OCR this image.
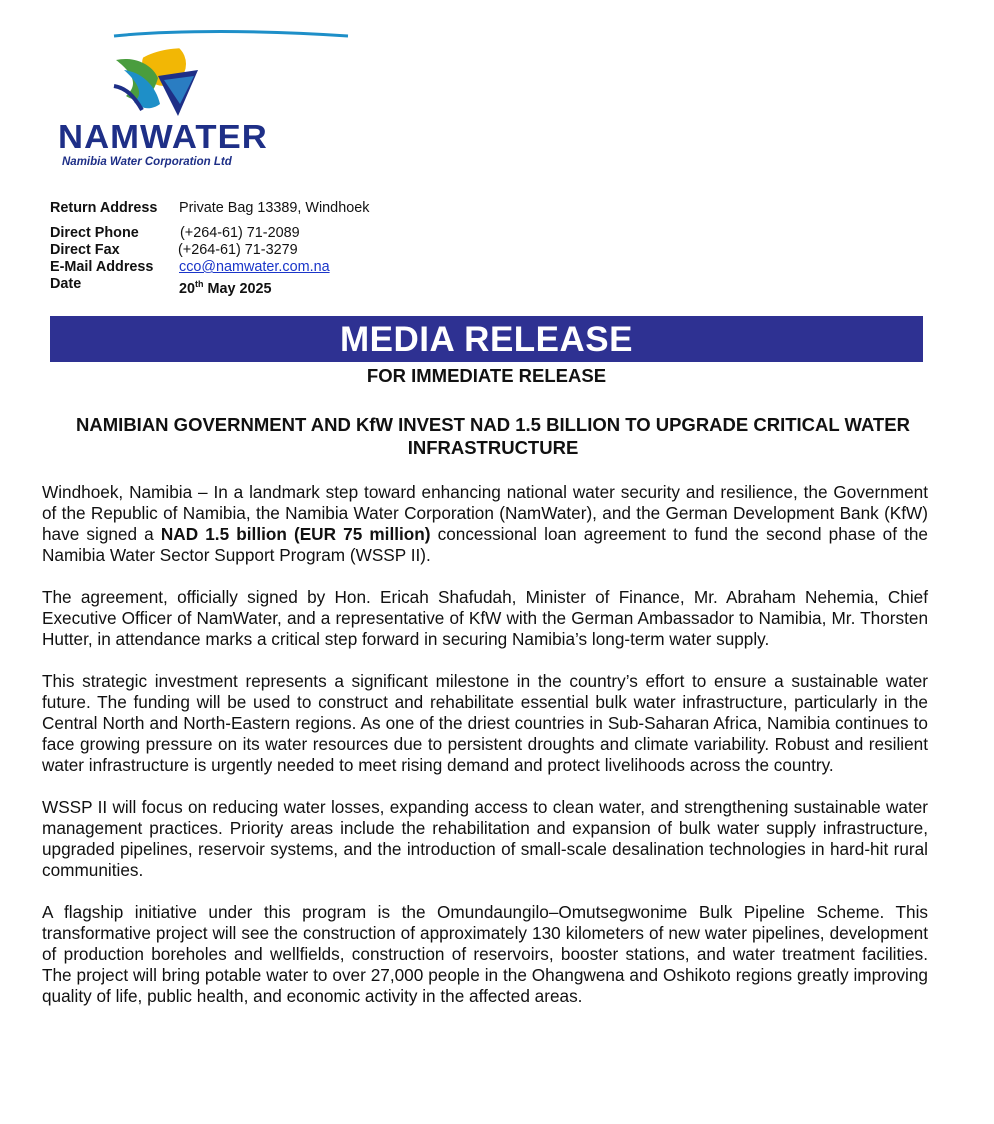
NAMWATER
Namibia Water Corporation Ltd
Return Address Private Bag 13389, Windhoek
Direct Phone	(+264-61) 71-2089
Direct Fax	(+264-61) 71-3279
E-Mail Address cco@namwater.com.na
Date	20th May 2025
MEDIA RELEASE
FOR IMMEDIATE RELEASE
NAMIBIAN GOVERNMENT AND KfW INVEST NAD 1.5 BILLION TO UPGRADE CRITICAL WATER INFRASTRUCTURE

Windhoek, Namibia – In a landmark step toward enhancing national water security and resilience, the Government of the Republic of Namibia, the Namibia Water Corporation (NamWater), and the German Development Bank (KfW) have signed a NAD 1.5 billion (EUR 75 million) concessional loan agreement to fund the second phase of the Namibia Water Sector Support Program (WSSP II).

The agreement, officially signed by Hon. Ericah Shafudah, Minister of Finance, Mr. Abraham Nehemia, Chief Executive Officer of NamWater, and a representative of KfW with the German Ambassador to Namibia, Mr. Thorsten Hutter, in attendance marks a critical step forward in securing Namibia’s long-term water supply.

This strategic investment represents a significant milestone in the country’s effort to ensure a sustainable water future. The funding will be used to construct and rehabilitate essential bulk water infrastructure, particularly in the Central North and North-Eastern regions. As one of the driest countries in Sub-Saharan Africa, Namibia continues to face growing pressure on its water resources due to persistent droughts and climate variability. Robust and resilient water infrastructure is urgently needed to meet rising demand and protect livelihoods across the country.

WSSP II will focus on reducing water losses, expanding access to clean water, and strengthening sustainable water management practices. Priority areas include the rehabilitation and expansion of bulk water supply infrastructure, upgraded pipelines, reservoir systems, and the introduction of small-scale desalination technologies in hard-hit rural communities.

A flagship initiative under this program is the Omundaungilo–Omutsegwonime Bulk Pipeline Scheme. This transformative project will see the construction of approximately 130 kilometers of new water pipelines, development of production boreholes and wellfields, construction of reservoirs, booster stations, and water treatment facilities. The project will bring potable water to over 27,000 people in the Ohangwena and Oshikoto regions greatly improving quality of life, public health, and economic activity in the affected areas.
